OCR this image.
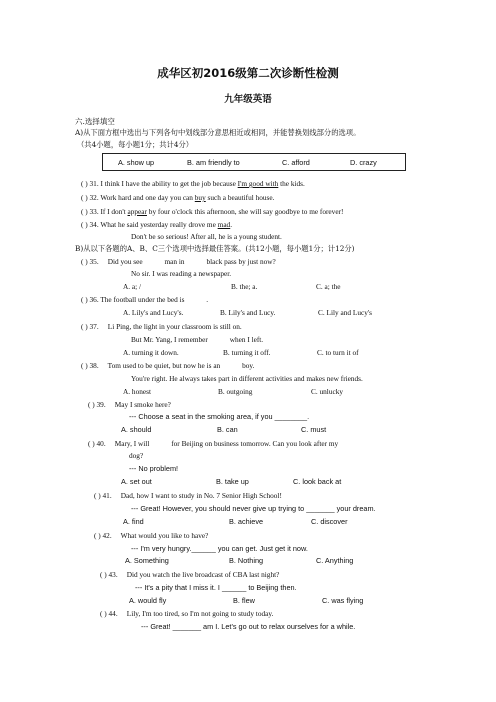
成华区初2016级第二次诊断性检测
九年级英语
六.选择填空
A)从下面方框中选出与下列各句中划线部分意思相近或相同，并能替换划线部分的选项。
（共4小题，每小题1分；共计4分）
A. show up	B. am friendly to	C. afford	D. crazy
( ) 31. I think I have the ability to get the job because I'm good with the kids.
( ) 32. Work hard and one day you can buy such a beautiful house.
( ) 33. If I don't appear by four o'clock this afternoon, she will say goodbye to me forever!
( ) 34. What he said yesterday really drove me mad.
Don't be so serious! After all, he is a young student.
B)从以下各题的A、B、C三个选项中选择最佳答案。(共12小题，每小题1分；计12分)
( ) 35.     Did you see            man in            black pass by just now?
No sir. I was reading a newspaper.
A. a; /	B. the; a.	C. a; the
( ) 36. The football under the bed is            .
A. Lily's and Lucy's.	B. Lily's and Lucy.	C. Lily and Lucy's
( ) 37.     Li Ping, the light in your classroom is still on.
But Mr. Yang, I remember            when I left.
A. turning it down.	B. turning it off.	C. to turn it of
( ) 38.     Tom used to be quiet, but now he is an            boy.
You're right. He always takes part in different activities and makes new friends.
A. honest	B. outgoing	C. unlucky
( ) 39.     May I smoke here?
--- Choose a seat in the smoking area, if you ________.
A. should	B. can	C. must
( ) 40.     Mary, I will            for Beijing on business tomorrow. Can you look after my
dog?
--- No problem!
A. set out	B. take up	C. look back at
( ) 41.     Dad, how I want to study in No. 7 Senior High School!
--- Great! However, you should never give up trying to _______ your dream.
A. find	B. achieve	C. discover
( ) 42.     What would you like to have?
--- I'm very hungry.______ you can get. Just get it now.
A. Something	B. Nothing	C. Anything
( ) 43.     Did you watch the live broadcast of CBA last night?
--- It's a pity that I miss it. I ______ to Beijing then.
A. would fly	B. flew	C. was flying
( ) 44.     Lily, I'm too tired, so I'm not going to study today.
--- Great! _______ am I. Let's go out to relax ourselves for a while.
